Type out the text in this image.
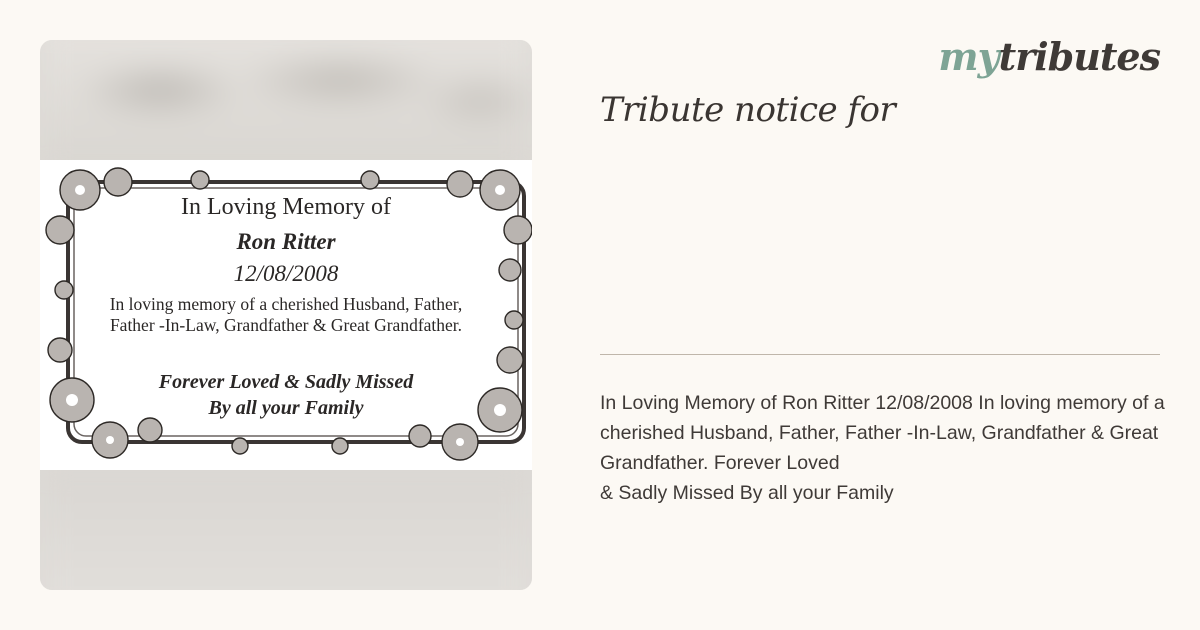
In Loving Memory of
Ron Ritter
12/08/2008
In loving memory of a cherished Husband, Father, Father -In-Law, Grandfather & Great Grandfather.
Forever Loved & Sadly Missed
By all your Family
mytributes
Tribute notice for
In Loving Memory of Ron Ritter 12/08/2008 In loving memory of a cherished Husband, Father, Father -In-Law, Grandfather & Great Grandfather. Forever Loved
& Sadly Missed By all your Family
